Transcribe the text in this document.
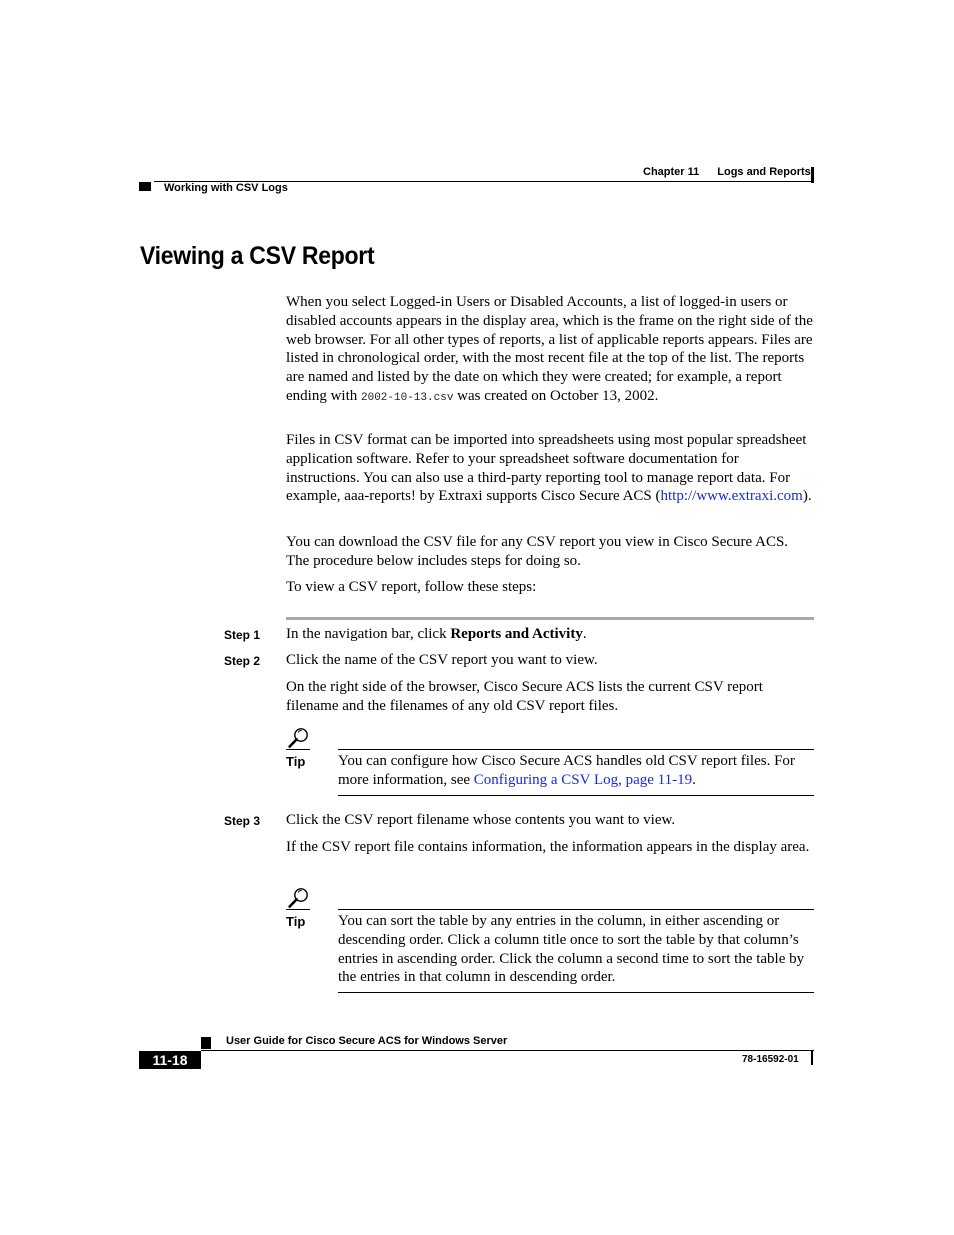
Chapter 11 Logs and Reports
Working with CSV Logs
Viewing a CSV Report

When you select Logged-in Users or Disabled Accounts, a list of logged-in users or disabled accounts appears in the display area, which is the frame on the right side of the web browser. For all other types of reports, a list of applicable reports appears. Files are listed in chronological order, with the most recent file at the top of the list. The reports are named and listed by the date on which they were created; for example, a report ending with 2002-10-13.csv was created on October 13, 2002.

Files in CSV format can be imported into spreadsheets using most popular spreadsheet application software. Refer to your spreadsheet software documentation for instructions. You can also use a third-party reporting tool to manage report data. For example, aaa-reports! by Extraxi supports Cisco Secure ACS (http://www.extraxi.com).

You can download the CSV file for any CSV report you view in Cisco Secure ACS. The procedure below includes steps for doing so.
To view a CSV report, follow these steps:
Step 1 In the navigation bar, click Reports and Activity.
Step 2 Click the name of the CSV report you want to view.
On the right side of the browser, Cisco Secure ACS lists the current CSV report filename and the filenames of any old CSV report files.
Tip You can configure how Cisco Secure ACS handles old CSV report files. For more information, see Configuring a CSV Log, page 11-19.
Step 3 Click the CSV report filename whose contents you want to view.
If the CSV report file contains information, the information appears in the display area.
Tip You can sort the table by any entries in the column, in either ascending or descending order. Click a column title once to sort the table by that column’s entries in ascending order. Click the column a second time to sort the table by the entries in that column in descending order.
User Guide for Cisco Secure ACS for Windows Server
11-18	78-16592-01
